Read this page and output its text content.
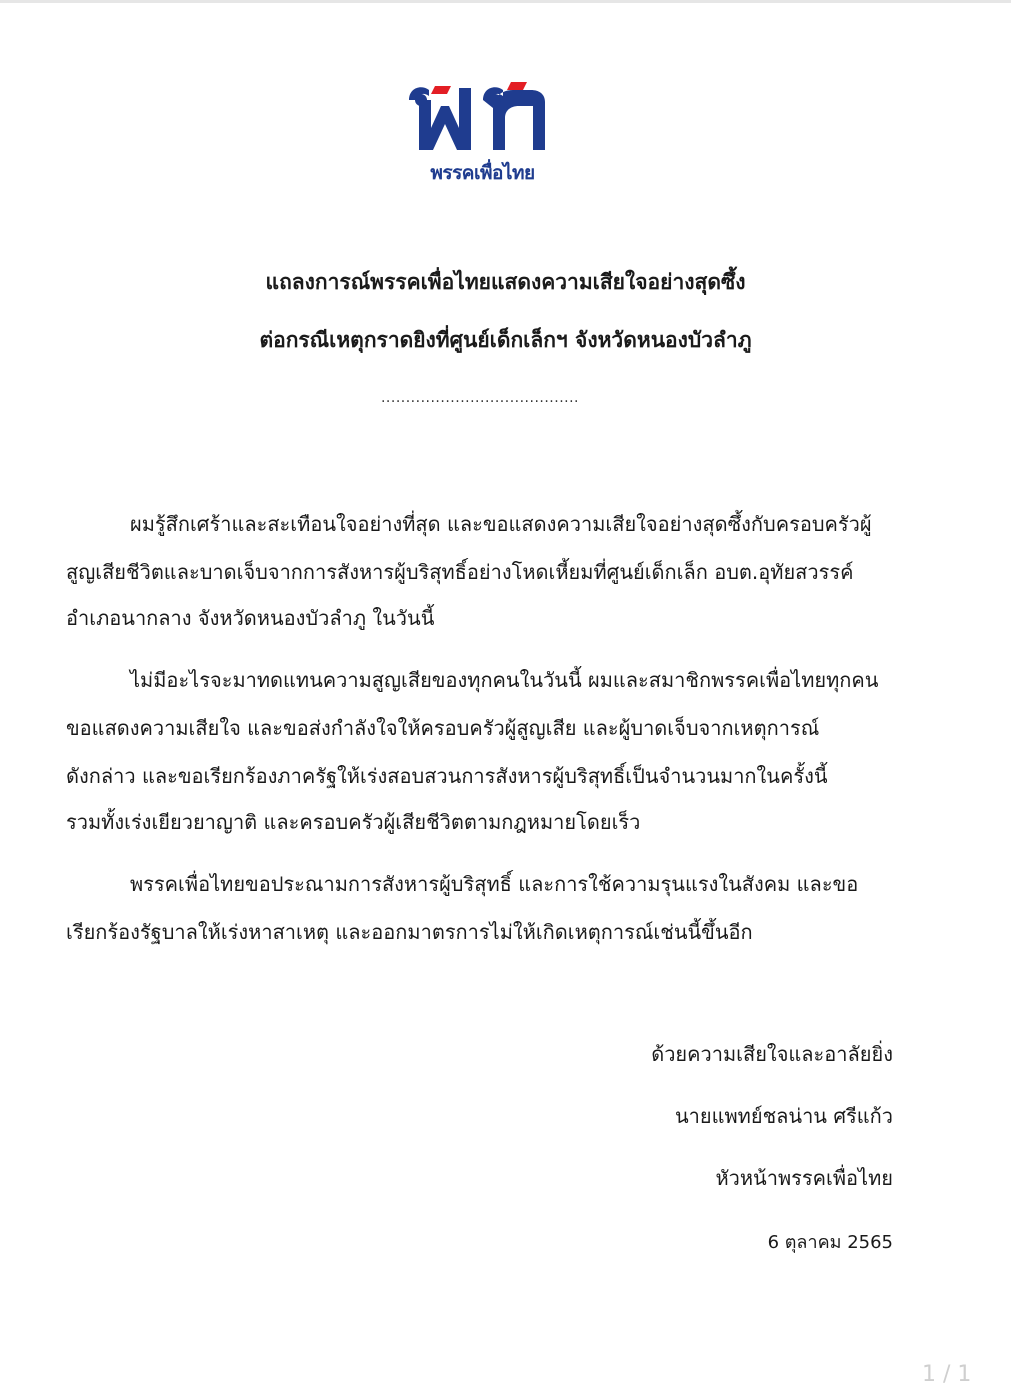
พรรคเพื่อไทย
แถลงการณ์พรรคเพื่อไทยแสดงความเสียใจอย่างสุดซึ้ง
ต่อกรณีเหตุกราดยิงที่ศูนย์เด็กเล็กฯ จังหวัดหนองบัวลำภู
........................................
ผมรู้สึกเศร้าและสะเทือนใจอย่างที่สุด และขอแสดงความเสียใจอย่างสุดซึ้งกับครอบครัวผู้
สูญเสียชีวิตและบาดเจ็บจากการสังหารผู้บริสุทธิ์อย่างโหดเหี้ยมที่ศูนย์เด็กเล็ก อบต.อุทัยสวรรค์
อำเภอนากลาง จังหวัดหนองบัวลำภู ในวันนี้
ไม่มีอะไรจะมาทดแทนความสูญเสียของทุกคนในวันนี้ ผมและสมาชิกพรรคเพื่อไทยทุกคน
ขอแสดงความเสียใจ และขอส่งกำลังใจให้ครอบครัวผู้สูญเสีย และผู้บาดเจ็บจากเหตุการณ์
ดังกล่าว และขอเรียกร้องภาครัฐให้เร่งสอบสวนการสังหารผู้บริสุทธิ์เป็นจำนวนมากในครั้งนี้
รวมทั้งเร่งเยียวยาญาติ และครอบครัวผู้เสียชีวิตตามกฎหมายโดยเร็ว
พรรคเพื่อไทยขอประณามการสังหารผู้บริสุทธิ์ และการใช้ความรุนแรงในสังคม และขอ
เรียกร้องรัฐบาลให้เร่งหาสาเหตุ และออกมาตรการไม่ให้เกิดเหตุการณ์เช่นนี้ขึ้นอีก
ด้วยความเสียใจและอาลัยยิ่ง
นายแพทย์ชลน่าน ศรีแก้ว
หัวหน้าพรรคเพื่อไทย
6 ตุลาคม 2565
1 / 1
